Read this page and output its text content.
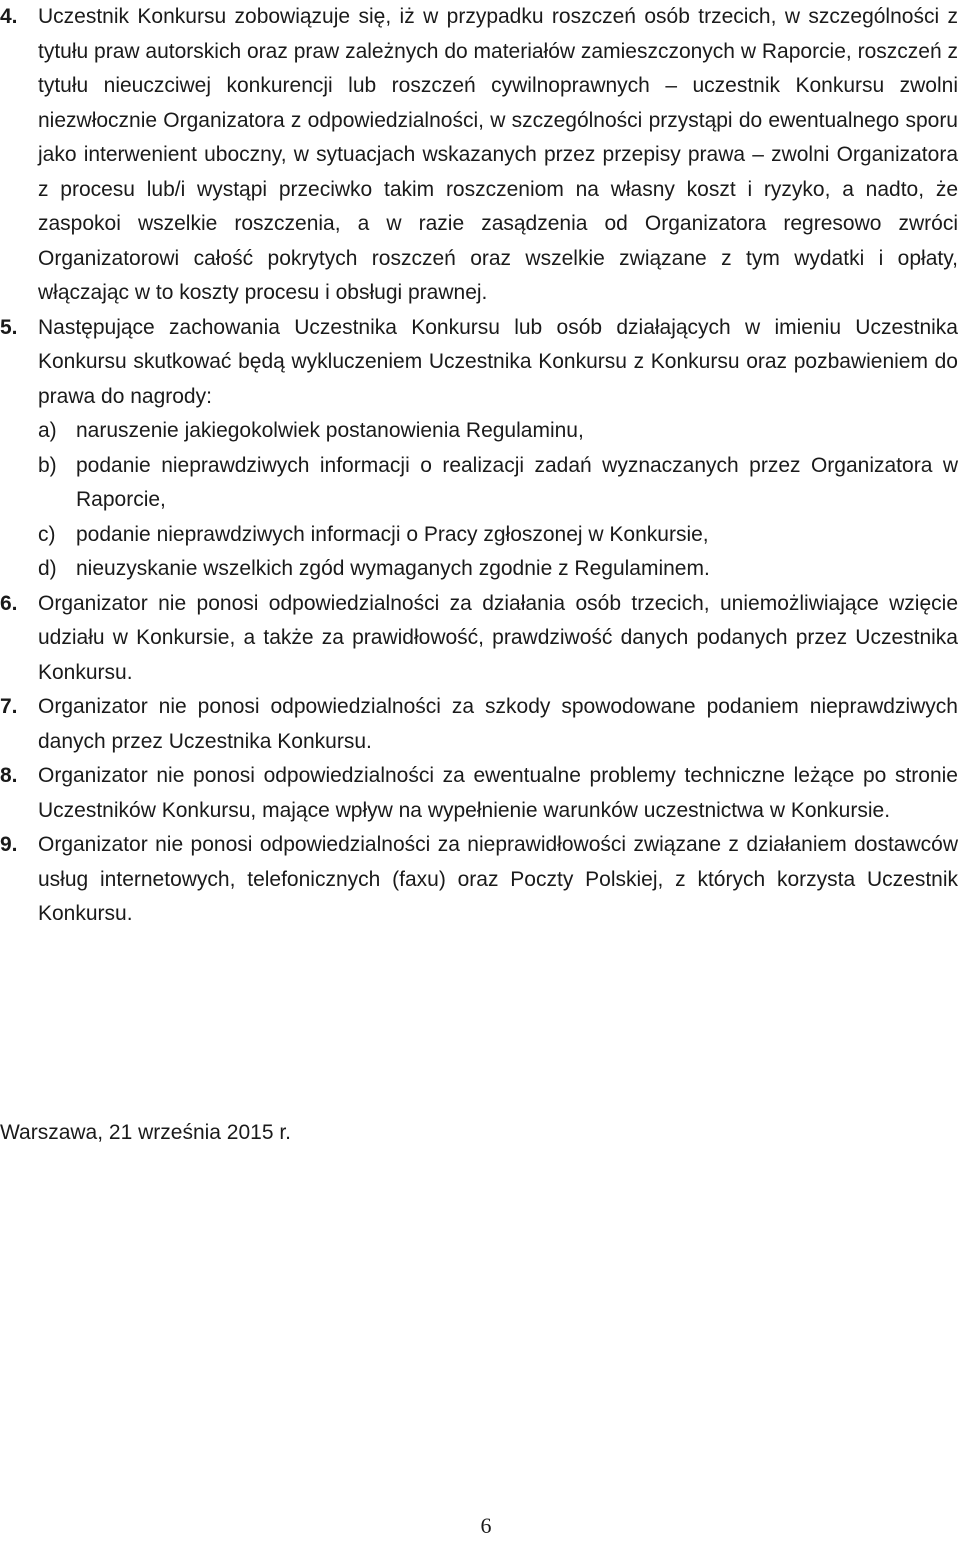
4. Uczestnik Konkursu zobowiązuje się, iż w przypadku roszczeń osób trzecich, w szczególności z tytułu praw autorskich oraz praw zależnych do materiałów zamieszczonych w Raporcie, roszczeń z tytułu nieuczciwej konkurencji lub roszczeń cywilnoprawnych – uczestnik Konkursu zwolni niezwłocznie Organizatora z odpowiedzialności, w szczególności przystąpi do ewentualnego sporu jako interwenient uboczny, w sytuacjach wskazanych przez przepisy prawa – zwolni Organizatora z procesu lub/i wystąpi przeciwko takim roszczeniom na własny koszt i ryzyko, a nadto, że zaspokoi wszelkie roszczenia, a w razie zasądzenia od Organizatora regresowo zwróci Organizatorowi całość pokrytych roszczeń oraz wszelkie związane z tym wydatki i opłaty, włączając w to koszty procesu i obsługi prawnej.
5. Następujące zachowania Uczestnika Konkursu lub osób działających w imieniu Uczestnika Konkursu skutkować będą wykluczeniem Uczestnika Konkursu z Konkursu oraz pozbawieniem do prawa do nagrody:
a) naruszenie jakiegokolwiek postanowienia Regulaminu,
b) podanie nieprawdziwych informacji o realizacji zadań wyznaczanych przez Organizatora w Raporcie,
c) podanie nieprawdziwych informacji o Pracy zgłoszonej w Konkursie,
d) nieuzyskanie wszelkich zgód wymaganych zgodnie z Regulaminem.
6. Organizator nie ponosi odpowiedzialności za działania osób trzecich, uniemożliwiające wzięcie udziału w Konkursie, a także za prawidłowość, prawdziwość danych podanych przez Uczestnika Konkursu.
7. Organizator nie ponosi odpowiedzialności za szkody spowodowane podaniem nieprawdziwych danych przez Uczestnika Konkursu.
8. Organizator nie ponosi odpowiedzialności za ewentualne problemy techniczne leżące po stronie Uczestników Konkursu, mające wpływ na wypełnienie warunków uczestnictwa w Konkursie.
9. Organizator nie ponosi odpowiedzialności za nieprawidłowości związane z działaniem dostawców usług internetowych, telefonicznych (faxu) oraz Poczty Polskiej, z których korzysta Uczestnik Konkursu.
Warszawa, 21 września 2015 r.
6
